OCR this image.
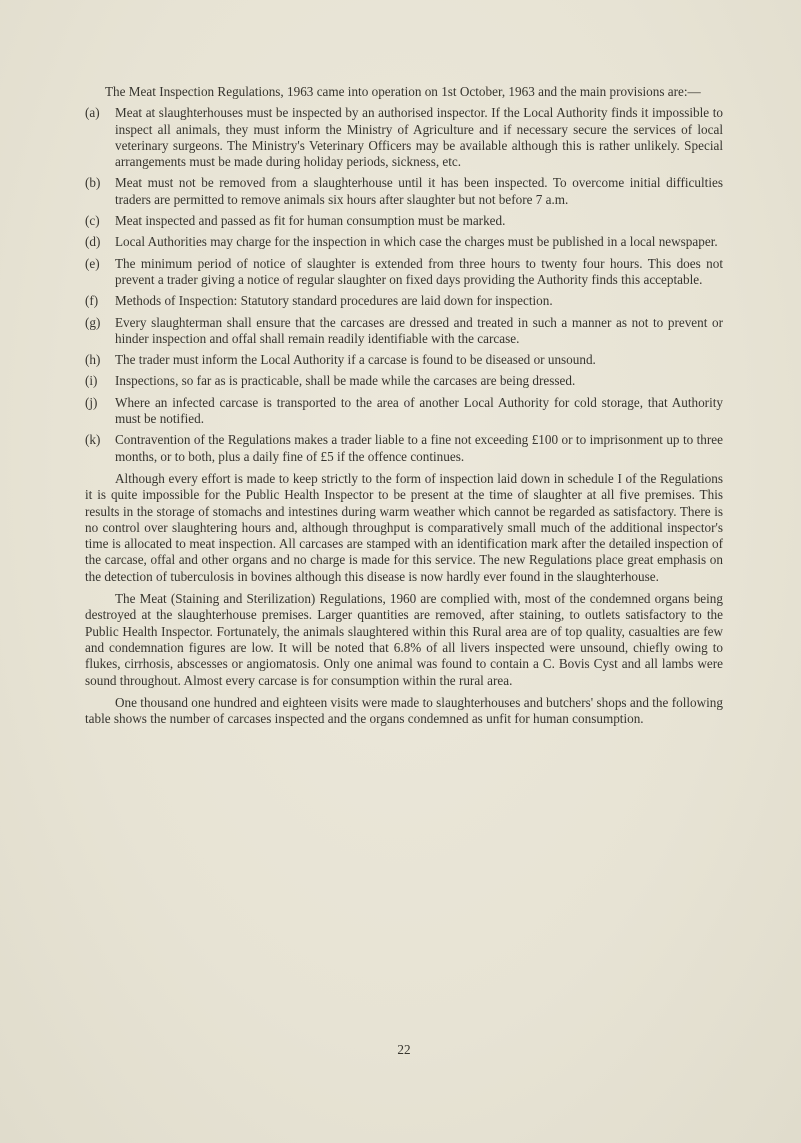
The Meat Inspection Regulations, 1963 came into operation on 1st October, 1963 and the main provisions are:—

(a)	Meat at slaughterhouses must be inspected by an authorised inspector. If the Local Authority finds it impossible to inspect all animals, they must inform the Ministry of Agriculture and if necessary secure the services of local veterinary surgeons. The Ministry's Veterinary Officers may be available although this is rather unlikely. Special arrangements must be made during holiday periods, sickness, etc.
(b)	Meat must not be removed from a slaughterhouse until it has been inspected. To overcome initial difficulties traders are permitted to remove animals six hours after slaughter but not before 7 a.m.
(c)	Meat inspected and passed as fit for human consumption must be marked.
(d)	Local Authorities may charge for the inspection in which case the charges must be published in a local newspaper.
(e)	The minimum period of notice of slaughter is extended from three hours to twenty four hours. This does not prevent a trader giving a notice of regular slaughter on fixed days providing the Authority finds this acceptable.
(f)	Methods of Inspection: Statutory standard procedures are laid down for inspection.
(g)	Every slaughterman shall ensure that the carcases are dressed and treated in such a manner as not to prevent or hinder inspection and offal shall remain readily identifiable with the carcase.
(h)	The trader must inform the Local Authority if a carcase is found to be diseased or unsound.
(i)	Inspections, so far as is practicable, shall be made while the carcases are being dressed.
(j)	Where an infected carcase is transported to the area of another Local Authority for cold storage, that Authority must be notified.
(k)	Contravention of the Regulations makes a trader liable to a fine not exceeding £100 or to imprisonment up to three months, or to both, plus a daily fine of £5 if the offence continues.

Although every effort is made to keep strictly to the form of inspection laid down in schedule I of the Regulations it is quite impossible for the Public Health Inspector to be present at the time of slaughter at all five premises. This results in the storage of stomachs and intestines during warm weather which cannot be regarded as satisfactory. There is no control over slaughtering hours and, although throughput is comparatively small much of the additional inspector's time is allocated to meat inspection. All carcases are stamped with an identification mark after the detailed inspection of the carcase, offal and other organs and no charge is made for this service. The new Regulations place great emphasis on the detection of tuberculosis in bovines although this disease is now hardly ever found in the slaughterhouse.

The Meat (Staining and Sterilization) Regulations, 1960 are complied with, most of the condemned organs being destroyed at the slaughterhouse premises. Larger quantities are removed, after staining, to outlets satisfactory to the Public Health Inspector. Fortunately, the animals slaughtered within this Rural area are of top quality, casualties are few and condemnation figures are low. It will be noted that 6.8% of all livers inspected were unsound, chiefly owing to flukes, cirrhosis, abscesses or angiomatosis. Only one animal was found to contain a C. Bovis Cyst and all lambs were sound throughout. Almost every carcase is for consumption within the rural area.

One thousand one hundred and eighteen visits were made to slaughterhouses and butchers' shops and the following table shows the number of carcases inspected and the organs condemned as unfit for human consumption.

22
